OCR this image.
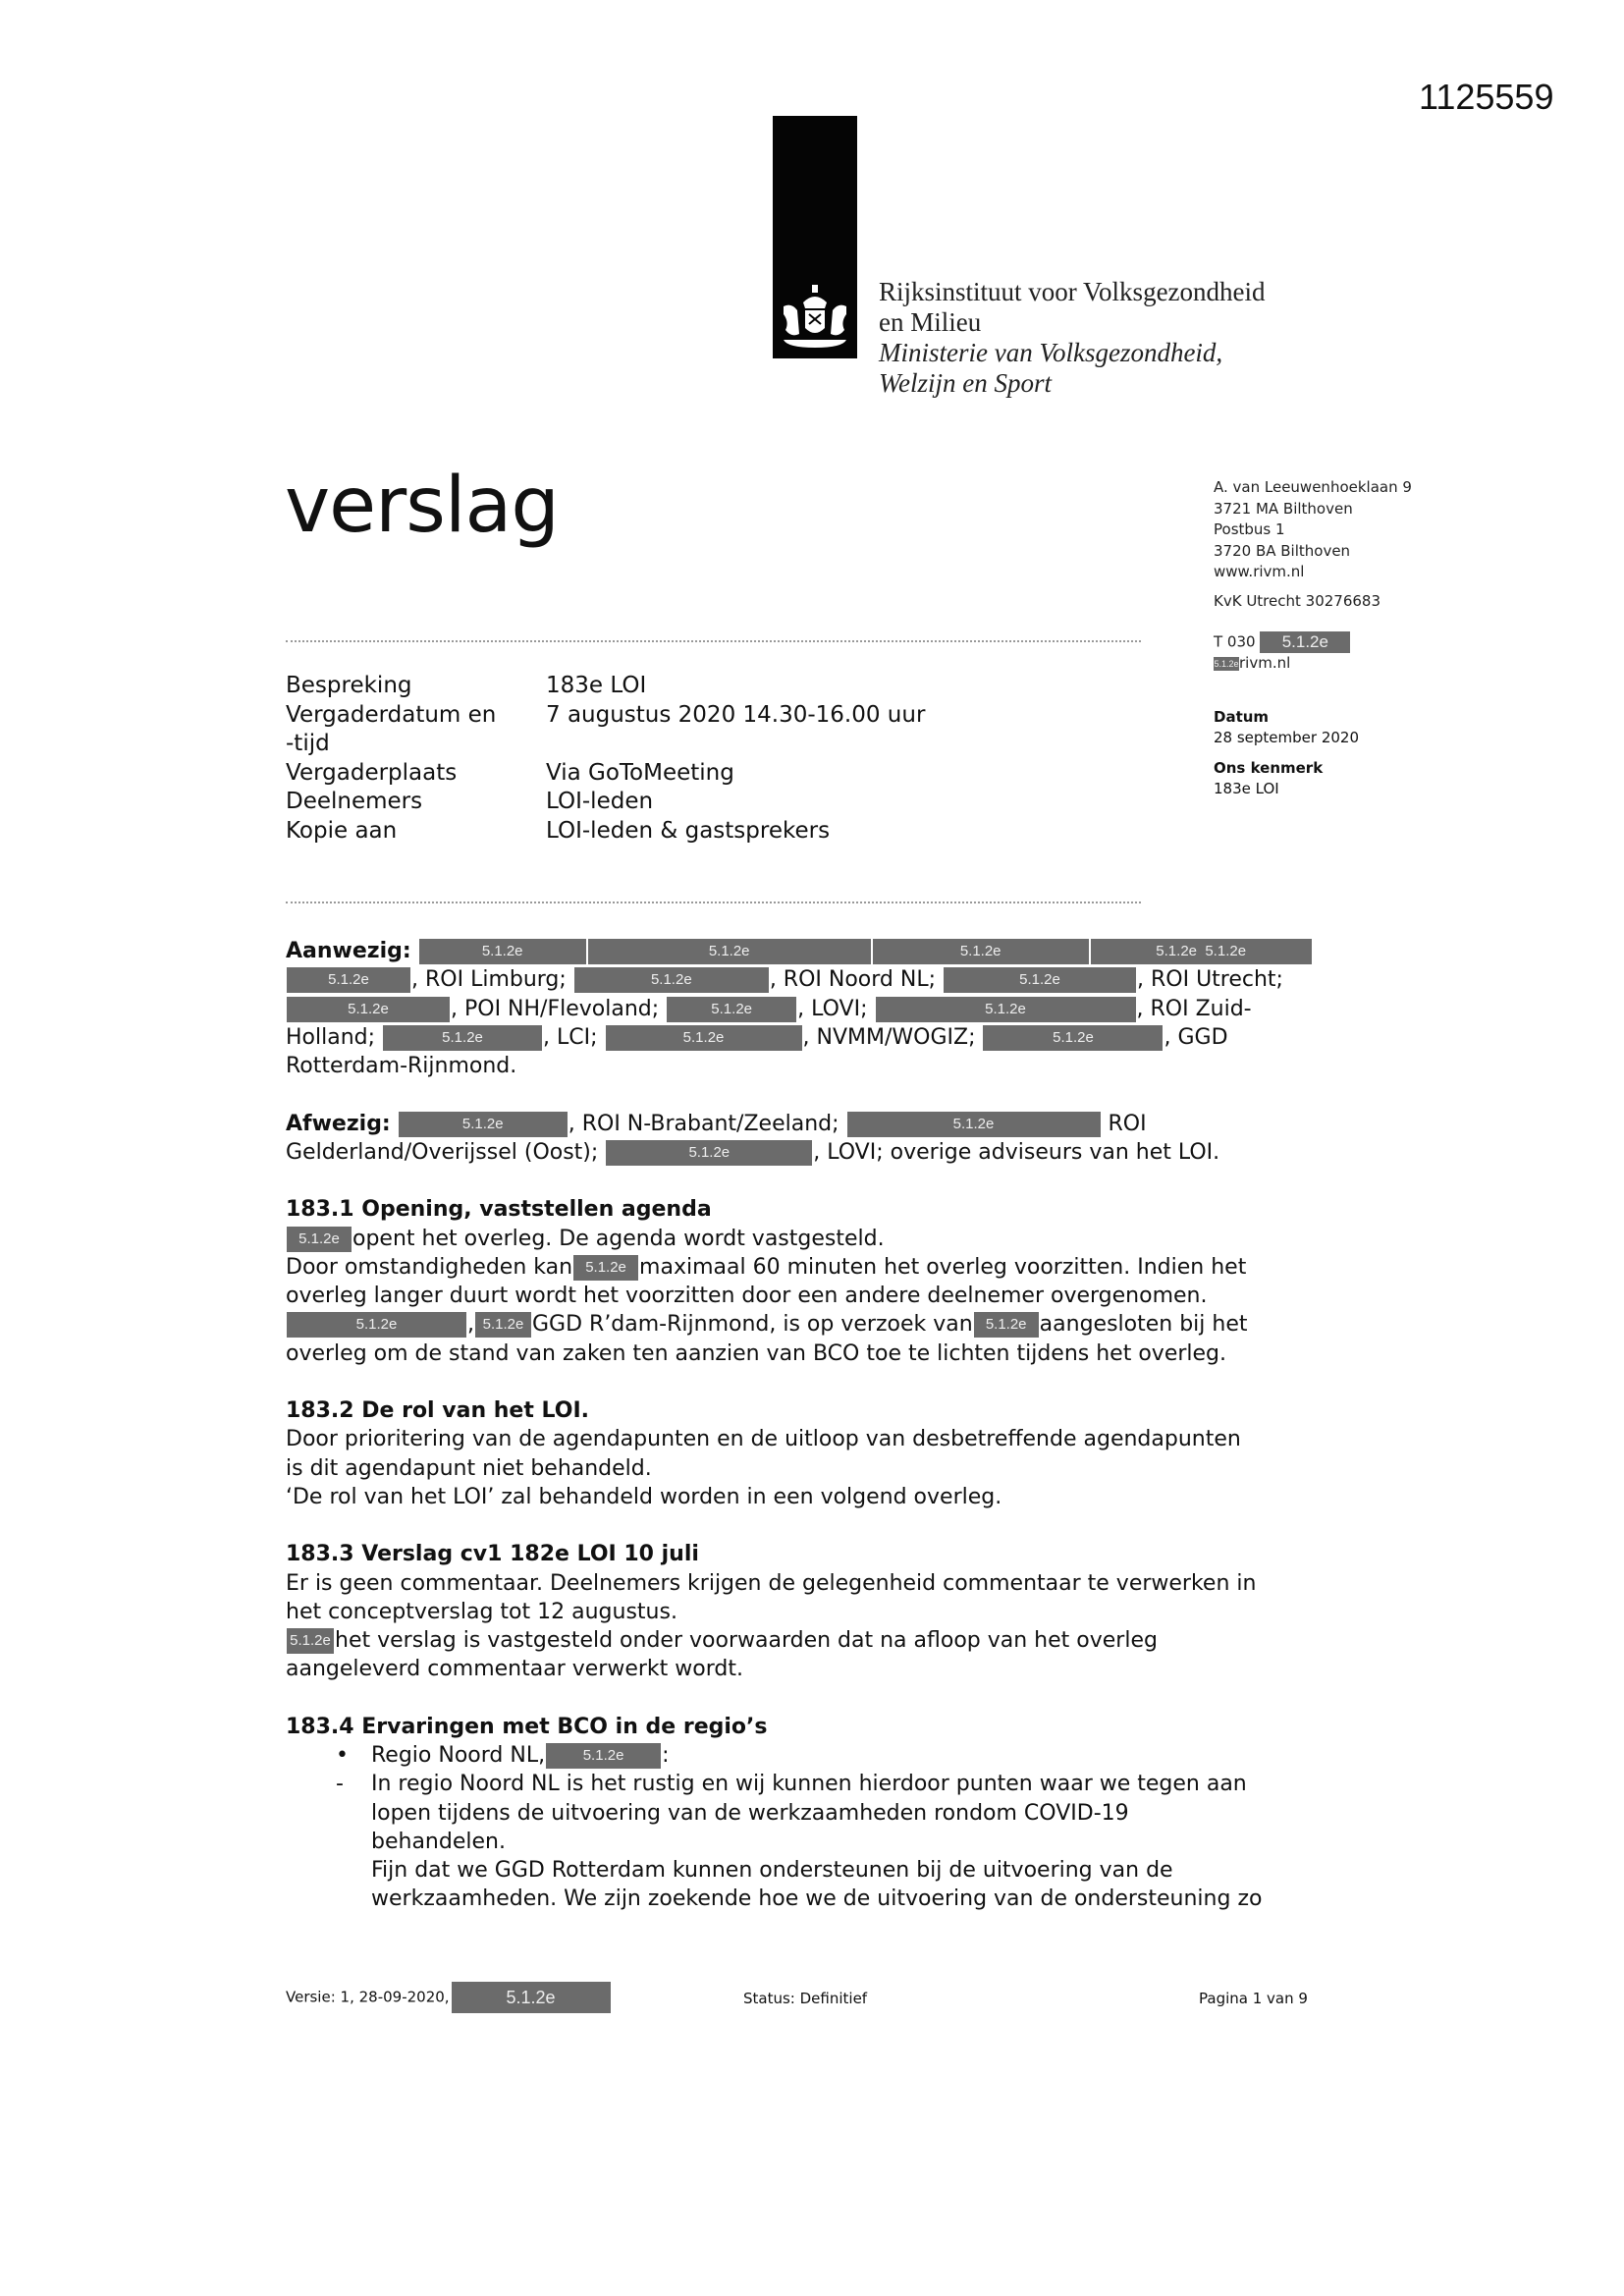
1125559
Rijksinstituut voor Volksgezondheid
en Milieu
Ministerie van Volksgezondheid,
Welzijn en Sport
verslag	A. van Leeuwenhoeklaan 9
3721 MA Bilthoven
Postbus 1
3720 BA Bilthoven
www.rivm.nl
KvK Utrecht 30276683
T 030 5.1.2e
5.1.2erivm.nl
Bespreking	183e LOI
Vergaderdatum en	7 augustus 2020 14.30-16.00 uur
-tijd
Vergaderplaats	Via GoToMeeting
Deelnemers	LOI-leden
Kopie aan	LOI-leden & gastsprekers
Datum
28 september 2020
Ons kenmerk
183e LOI
Aanwezig:	5.1.2e	5.1.2e	5.1.2e	5.1.2e  5.1.2e
5.1.2e , ROI Limburg;	5.1.2e	, ROI Noord NL;	5.1.2e	, ROI Utrecht;
5.1.2e	, POI NH/Flevoland;	5.1.2e , LOVI;	5.1.2e	, ROI Zuid-
Holland;	5.1.2e	, LCI;	5.1.2e	, NVMM/WOGIZ;	5.1.2e	, GGD
Rotterdam-Rijnmond.
Afwezig:	5.1.2e	, ROI N-Brabant/Zeeland;	5.1.2e	ROI
Gelderland/Overijssel (Oost);	5.1.2e	, LOVI; overige adviseurs van het LOI.
183.1 Opening, vaststellen agenda
5.1.2e opent het overleg. De agenda wordt vastgesteld.
Door omstandigheden kan 5.1.2e maximaal 60 minuten het overleg voorzitten. Indien het
overleg langer duurt wordt het voorzitten door een andere deelnemer overgenomen.
5.1.2e	, 5.1.2e GGD R’dam-Rijnmond, is op verzoek van 5.1.2e aangesloten bij het
overleg om de stand van zaken ten aanzien van BCO toe te lichten tijdens het overleg.
183.2 De rol van het LOI.
Door prioritering van de agendapunten en de uitloop van desbetreffende agendapunten
is dit agendapunt niet behandeld.
‘De rol van het LOI’ zal behandeld worden in een volgend overleg.
183.3 Verslag cv1 182e LOI 10 juli
Er is geen commentaar. Deelnemers krijgen de gelegenheid commentaar te verwerken in
het conceptverslag tot 12 augustus.
5.1.2e het verslag is vastgesteld onder voorwaarden dat na afloop van het overleg
aangeleverd commentaar verwerkt wordt.
183.4 Ervaringen met BCO in de regio’s
• Regio Noord NL,	5.1.2e :
- In regio Noord NL is het rustig en wij kunnen hierdoor punten waar we tegen aan
lopen tijdens de uitvoering van de werkzaamheden rondom COVID-19
behandelen.
Fijn dat we GGD Rotterdam kunnen ondersteunen bij de uitvoering van de
werkzaamheden. We zijn zoekende hoe we de uitvoering van de ondersteuning zo
Versie: 1, 28-09-2020,	5.1.2e	Status: Definitief	Pagina 1 van 9
